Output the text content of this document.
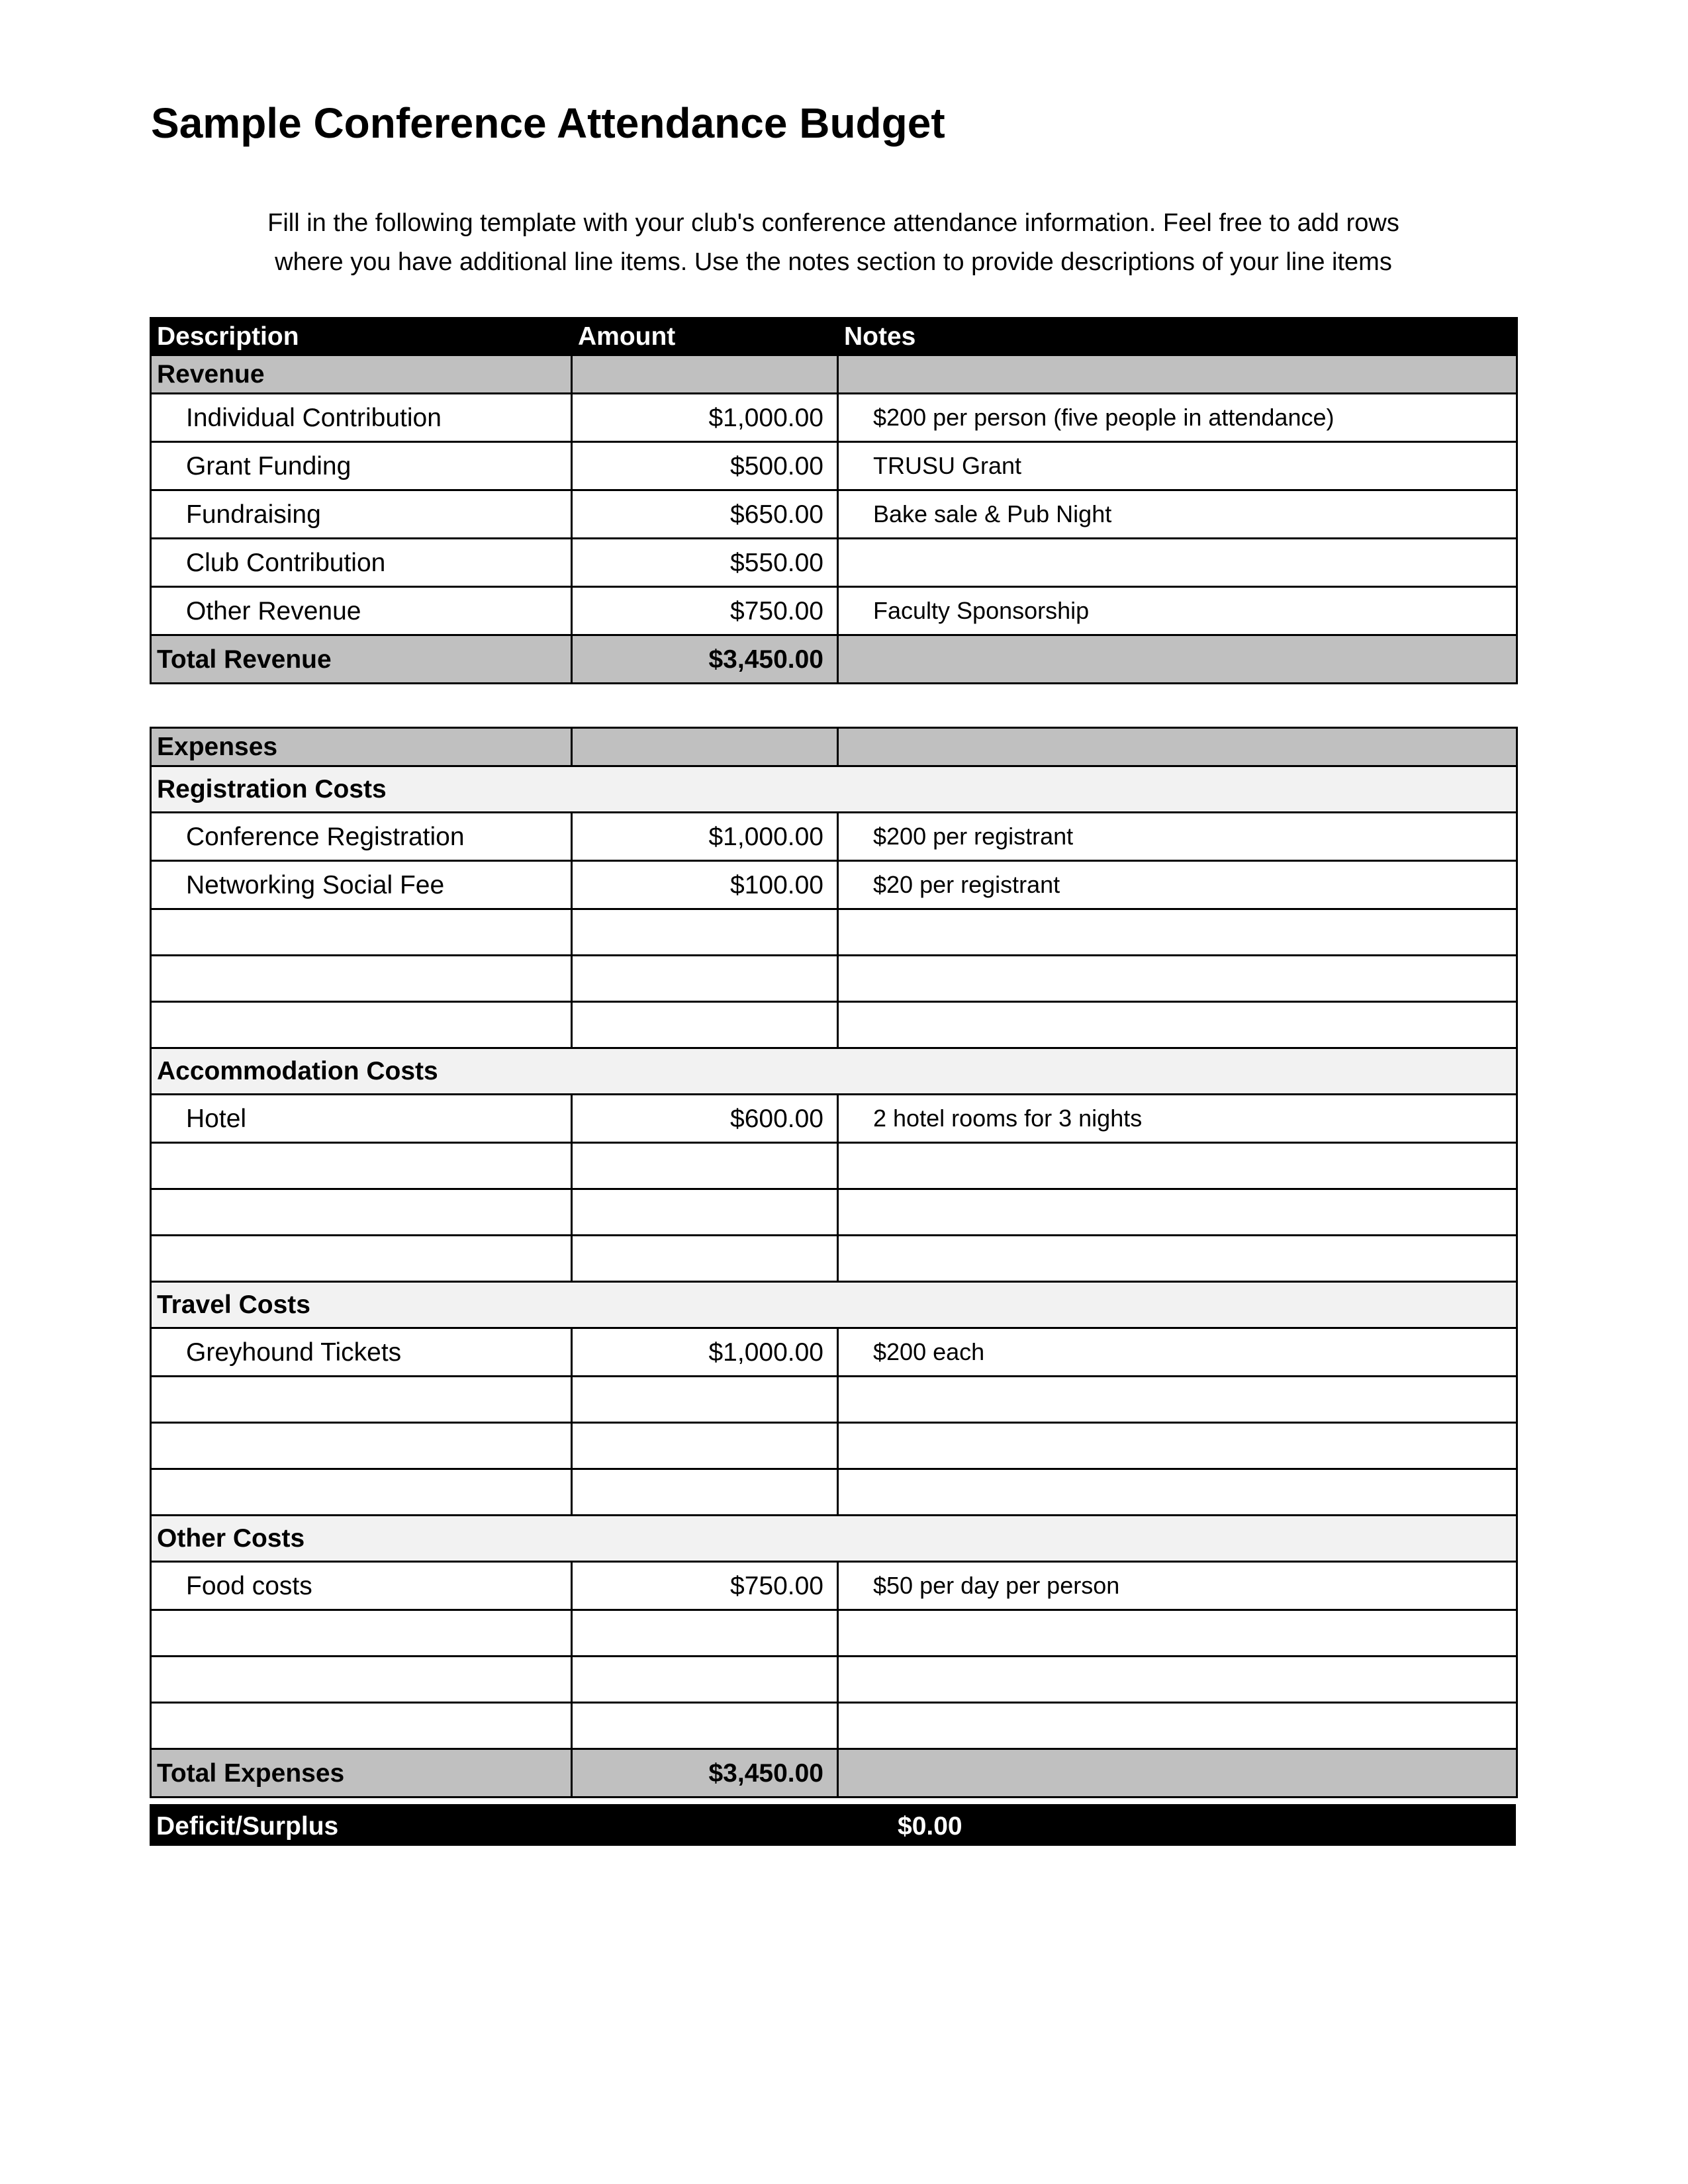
Sample Conference Attendance Budget
Fill in the following template with your club's conference attendance information. Feel free to add rows
where you have additional line items. Use the notes section to provide descriptions of your line items
Description	Amount	Notes
Revenue		
Individual Contribution	$1,000.00	$200 per person (five people in attendance)
Grant Funding	$500.00	TRUSU Grant
Fundraising	$650.00	Bake sale & Pub Night
Club Contribution	$550.00	
Other Revenue	$750.00	Faculty Sponsorship
Total Revenue	$3,450.00	
Expenses		
Registration Costs		
Conference Registration	$1,000.00	$200 per registrant
Networking Social Fee	$100.00	$20 per registrant

Accommodation Costs		
Hotel	$600.00	2 hotel rooms for 3 nights

Travel Costs		
Greyhound Tickets	$1,000.00	$200 each

Other Costs		
Food costs	$750.00	$50 per day per person

Total Expenses	$3,450.00	
Deficit/Surplus	$0.00
